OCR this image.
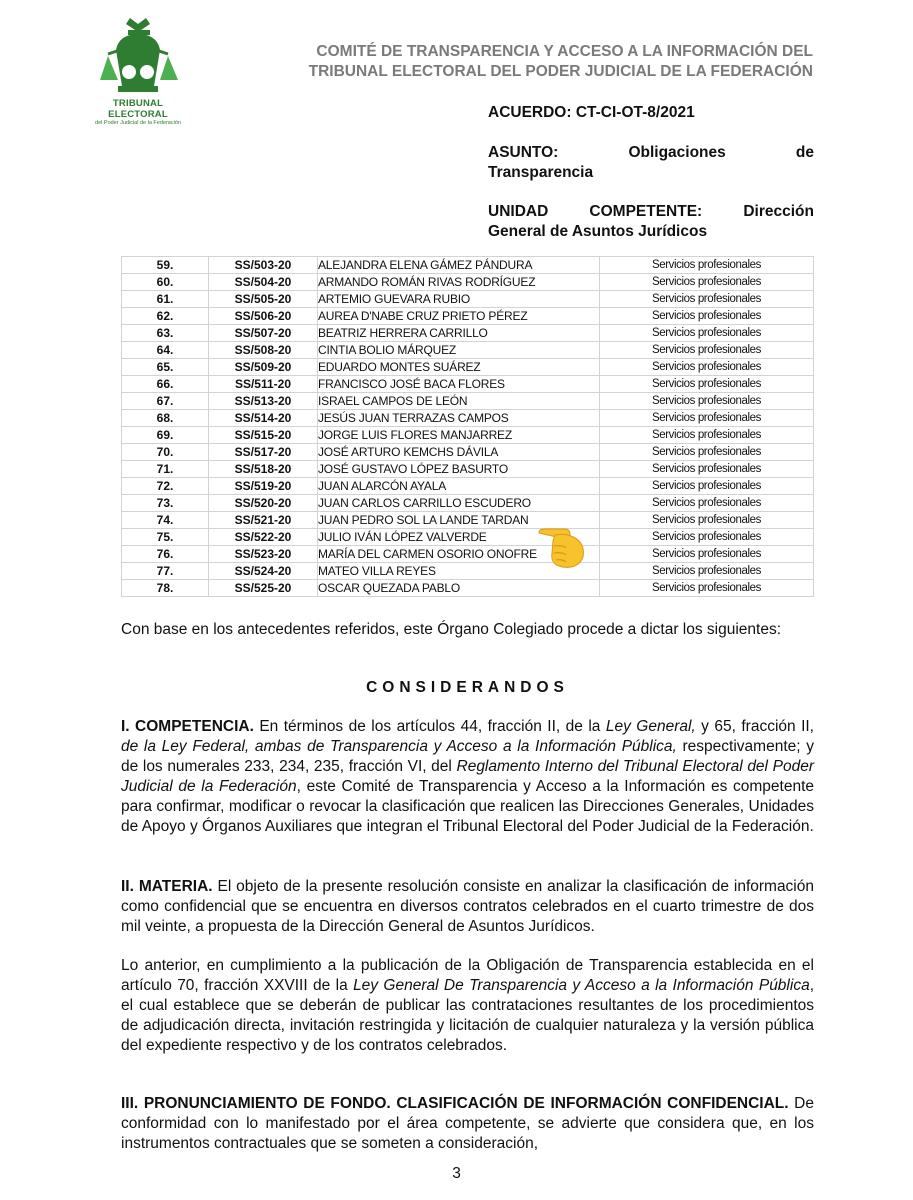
TRIBUNAL ELECTORAL
del Poder Judicial de la Federación
COMITÉ DE TRANSPARENCIA Y ACCESO A LA INFORMACIÓN DEL
TRIBUNAL ELECTORAL DEL PODER JUDICIAL DE LA FEDERACIÓN
ACUERDO: CT-CI-OT-8/2021
ASUNTO:	Obligaciones	de
Transparencia
UNIDAD	COMPETENTE:	Dirección
General de Asuntos Jurídicos
59.	SS/503-20	ALEJANDRA ELENA GÁMEZ PÁNDURA	Servicios profesionales
60.	SS/504-20	ARMANDO ROMÁN RIVAS RODRÍGUEZ	Servicios profesionales
61.	SS/505-20	ARTEMIO GUEVARA RUBIO	Servicios profesionales
62.	SS/506-20	AUREA D'NABE CRUZ PRIETO PÉREZ	Servicios profesionales
63.	SS/507-20	BEATRIZ HERRERA CARRILLO	Servicios profesionales
64.	SS/508-20	CINTIA BOLIO MÁRQUEZ	Servicios profesionales
65.	SS/509-20	EDUARDO MONTES SUÁREZ	Servicios profesionales
66.	SS/511-20	FRANCISCO JOSÉ BACA FLORES	Servicios profesionales
67.	SS/513-20	ISRAEL CAMPOS DE LEÓN	Servicios profesionales
68.	SS/514-20	JESÚS JUAN TERRAZAS CAMPOS	Servicios profesionales
69.	SS/515-20	JORGE LUIS FLORES MANJARREZ	Servicios profesionales
70.	SS/517-20	JOSÉ ARTURO KEMCHS DÁVILA	Servicios profesionales
71.	SS/518-20	JOSÉ GUSTAVO LÓPEZ BASURTO	Servicios profesionales
72.	SS/519-20	JUAN ALARCÓN AYALA	Servicios profesionales
73.	SS/520-20	JUAN CARLOS CARRILLO ESCUDERO	Servicios profesionales
74.	SS/521-20	JUAN PEDRO SOL LA LANDE TARDAN	Servicios profesionales
75.	SS/522-20	JULIO IVÁN LÓPEZ VALVERDE	Servicios profesionales
76.	SS/523-20	MARÍA DEL CARMEN OSORIO ONOFRE	Servicios profesionales
77.	SS/524-20	MATEO VILLA REYES	Servicios profesionales
78.	SS/525-20	OSCAR QUEZADA PABLO	Servicios profesionales
Con base en los antecedentes referidos, este Órgano Colegiado procede a dictar los siguientes:
CONSIDERANDOS
I. COMPETENCIA. En términos de los artículos 44, fracción II, de la Ley General, y 65, fracción II, de la Ley Federal, ambas de Transparencia y Acceso a la Información Pública, respectivamente; y de los numerales 233, 234, 235, fracción VI, del Reglamento Interno del Tribunal Electoral del Poder Judicial de la Federación, este Comité de Transparencia y Acceso a la Información es competente para confirmar, modificar o revocar la clasificación que realicen las Direcciones Generales, Unidades de Apoyo y Órganos Auxiliares que integran el Tribunal Electoral del Poder Judicial de la Federación.
II. MATERIA. El objeto de la presente resolución consiste en analizar la clasificación de información como confidencial que se encuentra en diversos contratos celebrados en el cuarto trimestre de dos mil veinte, a propuesta de la Dirección General de Asuntos Jurídicos.
Lo anterior, en cumplimiento a la publicación de la Obligación de Transparencia establecida en el artículo 70, fracción XXVIII de la Ley General De Transparencia y Acceso a la Información Pública, el cual establece que se deberán de publicar las contrataciones resultantes de los procedimientos de adjudicación directa, invitación restringida y licitación de cualquier naturaleza y la versión pública del expediente respectivo y de los contratos celebrados.
III. PRONUNCIAMIENTO DE FONDO. CLASIFICACIÓN DE INFORMACIÓN CONFIDENCIAL. De conformidad con lo manifestado por el área competente, se advierte que considera que, en los instrumentos contractuales que se someten a consideración,
3
